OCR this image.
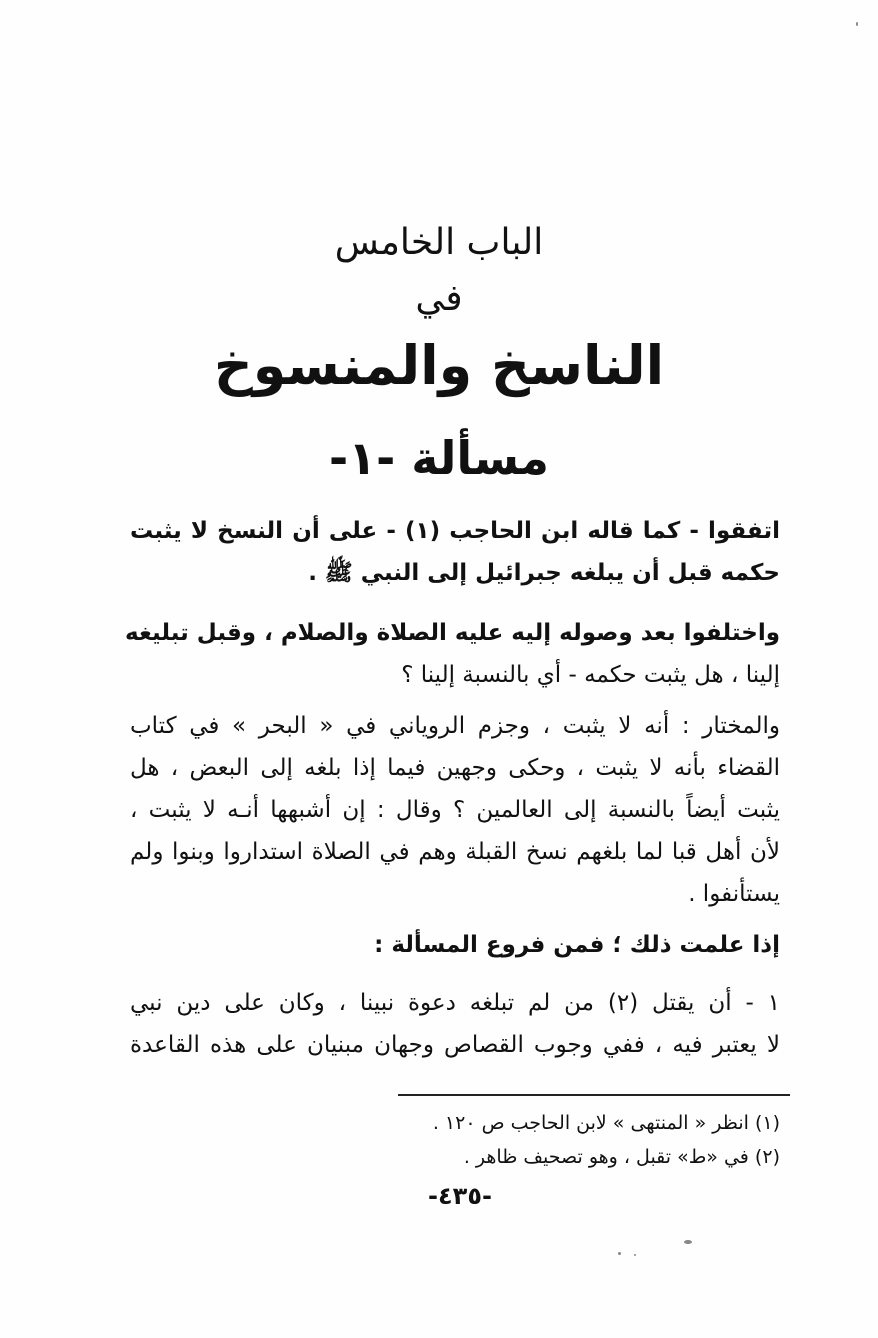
الباب الخامس
في
الناسخ والمنسوخ
مسألة -١-
اتفقوا - كما قاله ابن الحاجب (١) - على أن النسخ لا يثبت
حكمه قبل أن يبلغه جبرائيل إلى النبي ﷺ .
واختلفوا بعد وصوله إليه عليه الصلاة والصلام ، وقبل تبليغه
إلينا ، هل يثبت حكمه - أي بالنسبة إلينا ؟
والمختار : أنه لا يثبت ، وجزم الروياني في « البحر » في كتاب
القضاء بأنه لا يثبت ، وحكى وجهين فيما إذا بلغه إلى البعض ، هل
يثبت أيضاً بالنسبة إلى العالمين ؟ وقال : إن أشبهها أنـه لا يثبت ،
لأن أهل قبا لما بلغهم نسخ القبلة وهم في الصلاة استداروا وبنوا ولم
يستأنفوا .
إذا علمت ذلك ؛ فمن فروع المسألة :
١ - أن يقتل (٢) من لم تبلغه دعوة نبينا ، وكان على دين نبي
لا يعتبر فيه ، ففي وجوب القصاص وجهان مبنيان على هذه القاعدة
(١) انظر « المنتهى » لابن الحاجب ص ١٢٠ .
(٢) في «ط» تقبل ، وهو تصحيف ظاهر .
-٤٣٥-
